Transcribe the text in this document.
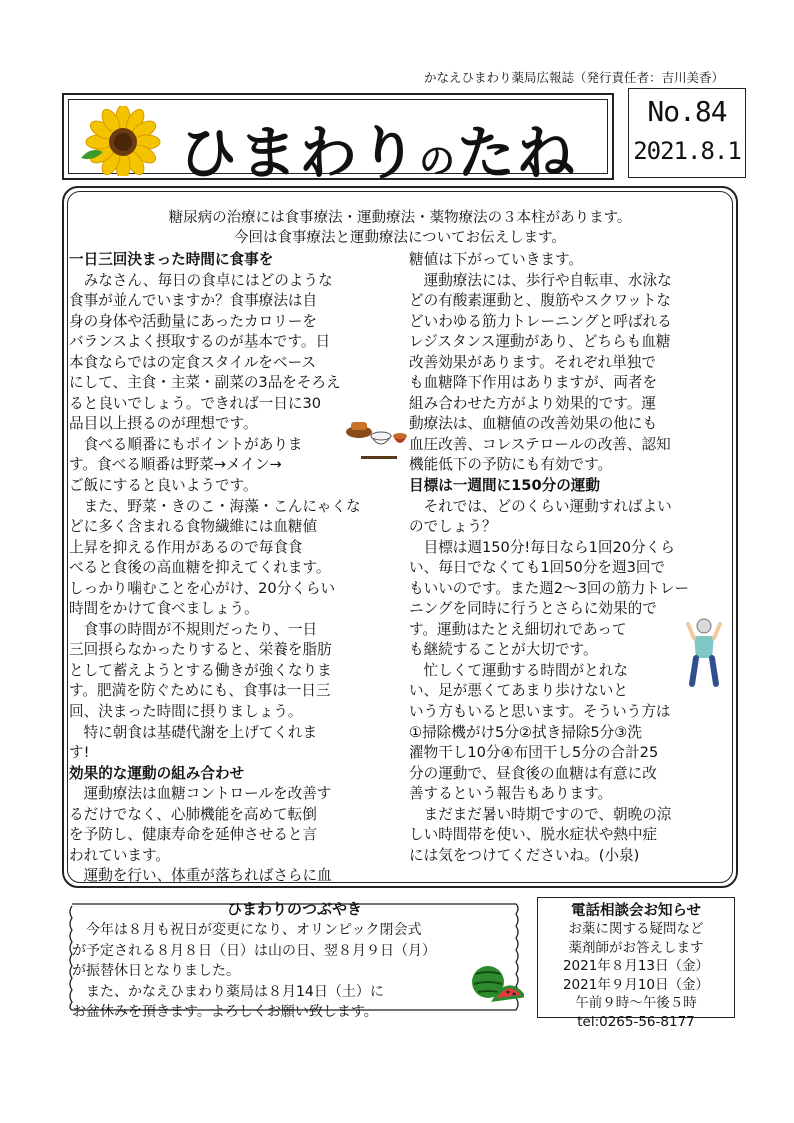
かなえひまわり薬局広報誌（発行責任者：吉川美香）
ひまわりのたね
No.84
2021.8.1
糖尿病の治療には食事療法・運動療法・薬物療法の３本柱があります。
今回は食事療法と運動療法についてお伝えします。
一日三回決まった時間に食事を

　みなさん、毎日の食卓にはどのような

食事が並んでいますか？食事療法は自

身の身体や活動量にあったカロリーを

バランスよく摂取するのが基本です。日

本食ならではの定食スタイルをベース

にして、主食・主菜・副菜の3品をそろえ

ると良いでしょう。できれば一日に30

品目以上摂るのが理想です。

　食べる順番にもポイントがありま

す。食べる順番は野菜→メイン→

ご飯にすると良いようです。

　また、野菜・きのこ・海藻・こんにゃくな

どに多く含まれる食物繊維には血糖値

上昇を抑える作用があるので毎食食

べると食後の高血糖を抑えてくれます。

しっかり噛むことを心がけ、20分くらい

時間をかけて食べましょう。

　食事の時間が不規則だったり、一日

三回摂らなかったりすると、栄養を脂肪

として蓄えようとする働きが強くなりま

す。肥満を防ぐためにも、食事は一日三

回、決まった時間に摂りましょう。

　特に朝食は基礎代謝を上げてくれま

す!

効果的な運動の組み合わせ

　運動療法は血糖コントロールを改善す

るだけでなく、心肺機能を高めて転倒

を予防し、健康寿命を延伸させると言

われています。

　運動を行い、体重が落ちればさらに血

糖値は下がっていきます。

　運動療法には、歩行や自転車、水泳な

どの有酸素運動と、腹筋やスクワットな

どいわゆる筋力トレーニングと呼ばれる

レジスタンス運動があり、どちらも血糖

改善効果があります。それぞれ単独で

も血糖降下作用はありますが、両者を

組み合わせた方がより効果的です。運

動療法は、血糖値の改善効果の他にも

血圧改善、コレステロールの改善、認知

機能低下の予防にも有効です。

目標は一週間に150分の運動

　それでは、どのくらい運動すればよい

のでしょう？

　目標は週150分!毎日なら1回20分くら

い、毎日でなくても1回50分を週3回で

もいいのです。また週2～3回の筋力トレー

ニングを同時に行うとさらに効果的で

す。運動はたとえ細切れであって

も継続することが大切です。

　忙しくて運動する時間がとれな

い、足が悪くてあまり歩けないと

いう方もいると思います。そういう方は

①掃除機がけ5分②拭き掃除5分③洗

濯物干し10分④布団干し5分の合計25

分の運動で、昼食後の血糖は有意に改

善するという報告もあります。

　まだまだ暑い時期ですので、朝晩の涼

しい時間帯を使い、脱水症状や熱中症

には気をつけてくださいね。(小泉)

ひまわりのつぶやき

　今年は８月も祝日が変更になり、オリンピック閉会式

が予定される８月８日（日）は山の日、翌８月９日（月）

が振替休日となりました。

　また、かなえひまわり薬局は８月14日（土）に

お盆休みを頂きます。よろしくお願い致します。

電話相談会お知らせ
お薬に関する疑問など
薬剤師がお答えします
2021年８月13日（金）
2021年９月10日（金）
午前９時～午後５時
tel:0265-56-8177
